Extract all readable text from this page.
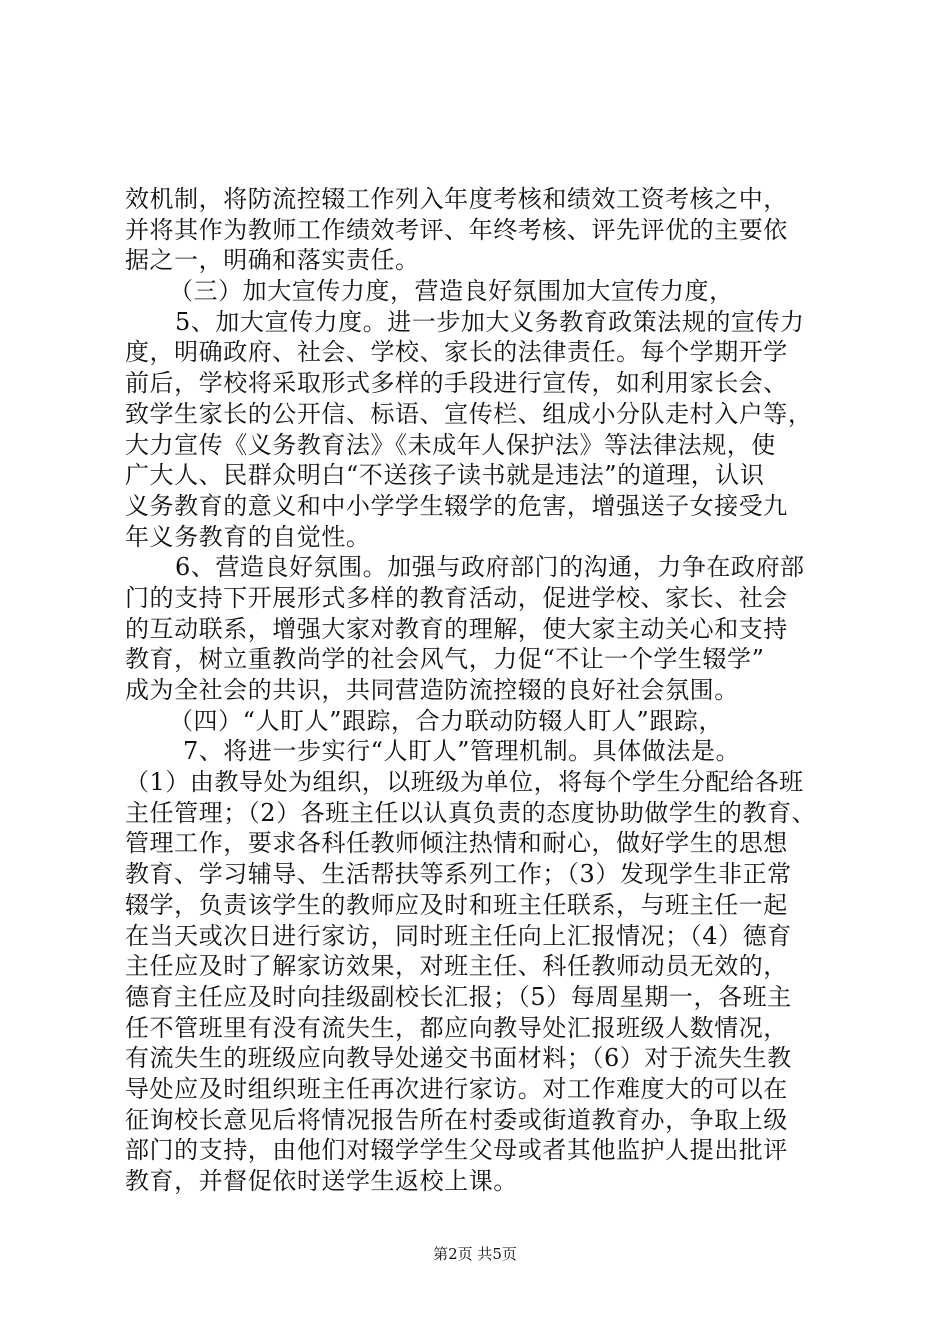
效机制，将防流控辍工作列入年度考核和绩效工资考核之中，
并将其作为教师工作绩效考评、年终考核、评先评优的主要依
据之一，明确和落实责任。
（三）加大宣传力度，营造良好氛围加大宣传力度，
5、加大宣传力度。进一步加大义务教育政策法规的宣传力
度，明确政府、社会、学校、家长的法律责任。每个学期开学
前后，学校将采取形式多样的手段进行宣传，如利用家长会、
致学生家长的公开信、标语、宣传栏、组成小分队走村入户等，
大力宣传《义务教育法》《未成年人保护法》等法律法规，使
广大人、民群众明白“不送孩子读书就是违法”的道理，认识
义务教育的意义和中小学学生辍学的危害，增强送子女接受九
年义务教育的自觉性。
6、营造良好氛围。加强与政府部门的沟通，力争在政府部
门的支持下开展形式多样的教育活动，促进学校、家长、社会
的互动联系，增强大家对教育的理解，使大家主动关心和支持
教育，树立重教尚学的社会风气，力促“不让一个学生辍学”
成为全社会的共识，共同营造防流控辍的良好社会氛围。
（四）“人盯人”跟踪，合力联动防辍人盯人”跟踪，
7、将进一步实行“人盯人”管理机制。具体做法是。
（1）由教导处为组织，以班级为单位，将每个学生分配给各班
主任管理；（2）各班主任以认真负责的态度协助做学生的教育、
管理工作，要求各科任教师倾注热情和耐心，做好学生的思想
教育、学习辅导、生活帮扶等系列工作；（3）发现学生非正常
辍学，负责该学生的教师应及时和班主任联系，与班主任一起
在当天或次日进行家访，同时班主任向上汇报情况；（4）德育
主任应及时了解家访效果，对班主任、科任教师动员无效的，
德育主任应及时向挂级副校长汇报；（5）每周星期一，各班主
任不管班里有没有流失生，都应向教导处汇报班级人数情况，
有流失生的班级应向教导处递交书面材料；（6）对于流失生教
导处应及时组织班主任再次进行家访。对工作难度大的可以在
征询校长意见后将情况报告所在村委或街道教育办，争取上级
部门的支持，由他们对辍学学生父母或者其他监护人提出批评
教育，并督促依时送学生返校上课。
第2页 共5页
